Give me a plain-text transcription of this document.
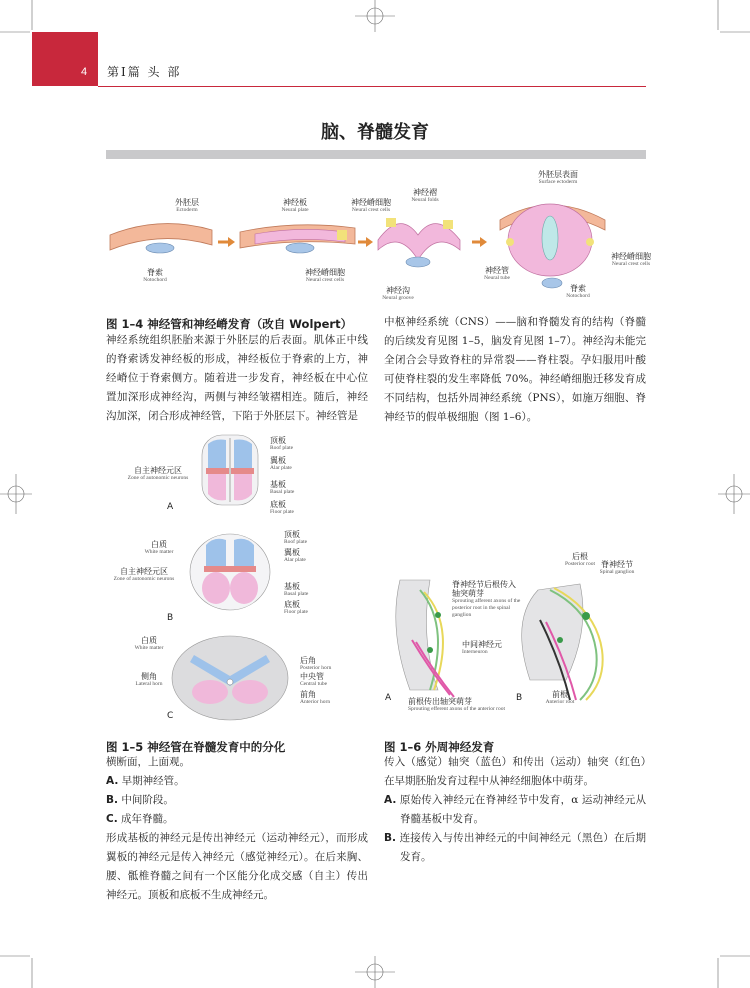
4 第Ⅰ篇 头 部
脑、脊髓发育
外胚层
Ectoderm
脊索
Notochord
神经板
Neural plate
神经嵴细胞
Neural crest cells
神经嵴细胞
Neural crest cells
神经褶
Neural folds
神经沟
Neural groove
外胚层表面
Surface ectoderm
神经嵴细胞
Neural crest cells
神经管
Neural tube
脊索
Notochord
图 1–4 神经管和神经嵴发育（改自 Wolpert）
神经系统组织胚胎来源于外胚层的后表面。肌体正中线的脊索诱发神经板的形成，神经板位于脊索的上方，神经嵴位于脊索侧方。随着进一步发育，神经板在中心位置加深形成神经沟，两侧与神经皱褶相连。随后，神经沟加深，闭合形成神经管，下陷于外胚层下。神经管是
中枢神经系统（CNS）——脑和脊髓发育的结构（脊髓的后续发育见图 1–5，脑发育见图 1–7）。神经沟未能完全闭合会导致脊柱的异常裂——脊柱裂。孕妇服用叶酸可使脊柱裂的发生率降低 70%。神经嵴细胞迁移发育成不同结构，包括外周神经系统（PNS），如施万细胞、脊神经节的假单极细胞（图 1–6）。
顶板
Roof plate
翼板
Alar plate
自主神经元区
Zone of autonomic neurons
基板
Basal plate
底板
Floor plate
A
顶板
Roof plate
白质
White matter	翼板
Alar plate
自主神经元区
Zone of autonomic neurons
基板
Basal plate
底板
Floor plate
B
白质
White matter
后角
Posterior horn
侧角
Lateral horn
中央管
Central tube
前角
Anterior horn
C
后根
Posterior root 脊神经节
Spinal ganglion
脊神经节后根传入轴突萌芽
Sprouting afferent axons of the posterior root in the spinal ganglion
中间神经元
Interneuron
前根传出轴突萌芽
Sprouting efferent axons of the anterior root
前根
Anterior root
A	B
图 1–5 神经管在脊髓发育中的分化

横断面，上面观。

A. 早期神经管。

B. 中间阶段。

C. 成年脊髓。

形成基板的神经元是传出神经元（运动神经元），而形成翼板的神经元是传入神经元（感觉神经元）。在后来胸、腰、骶椎脊髓之间有一个区能分化成交感（自主）传出神经元。顶板和底板不生成神经元。

图 1–6 外周神经发育

传入（感觉）轴突（蓝色）和传出（运动）轴突（红色）在早期胚胎发育过程中从神经细胞体中萌芽。

A. 原始传入神经元在脊神经节中发育，α 运动神经元从脊髓基板中发育。

B. 连接传入与传出神经元的中间神经元（黑色）在后期发育。
